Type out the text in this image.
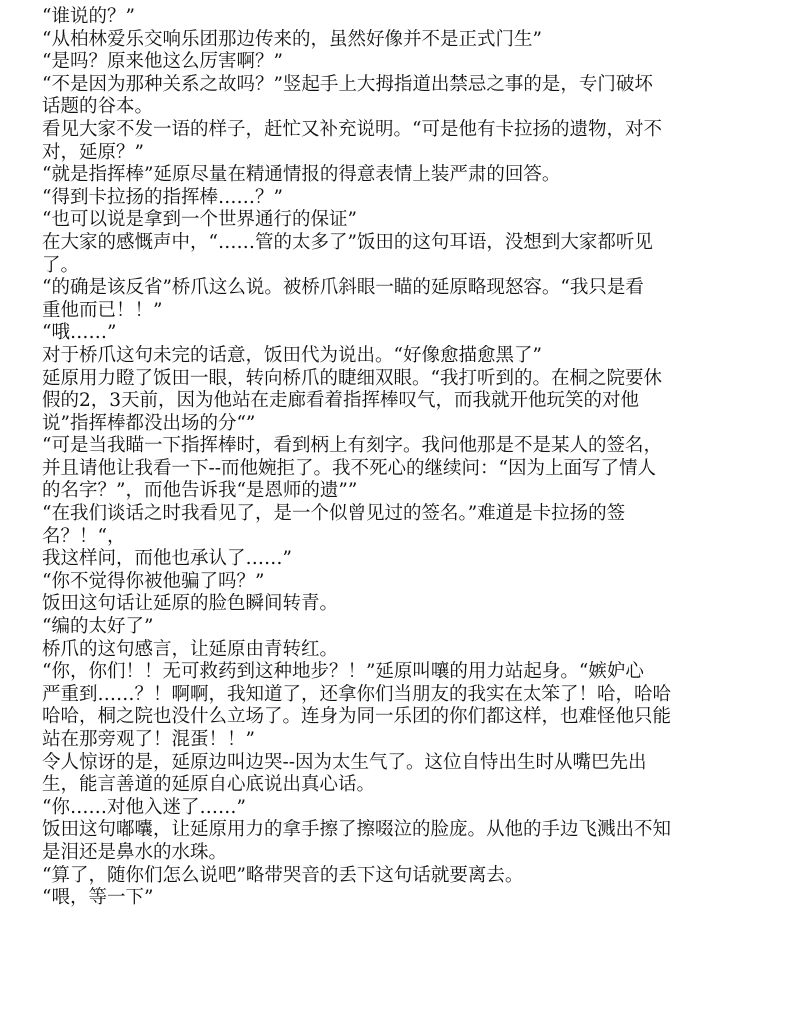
“谁说的？”
“从柏林爱乐交响乐团那边传来的，虽然好像并不是正式门生”
“是吗？原来他这么厉害啊？”
“不是因为那种关系之故吗？”竖起手上大拇指道出禁忌之事的是，专门破坏
话题的谷本。
看见大家不发一语的样子，赶忙又补充说明。“可是他有卡拉扬的遗物，对不
对，延原？”
“就是指挥棒”延原尽量在精通情报的得意表情上装严肃的回答。
“得到卡拉扬的指挥棒……？”
“也可以说是拿到一个世界通行的保证”
在大家的感慨声中，“……管的太多了”饭田的这句耳语，没想到大家都听见
了。
“的确是该反省”桥爪这么说。被桥爪斜眼一瞄的延原略现怒容。“我只是看
重他而已！！”
“哦……”
对于桥爪这句未完的话意，饭田代为说出。“好像愈描愈黑了”
延原用力瞪了饭田一眼，转向桥爪的睫细双眼。“我打听到的。在桐之院要休
假的2，3天前，因为他站在走廊看着指挥棒叹气，而我就开他玩笑的对他
说”指挥棒都没出场的分“”
“可是当我瞄一下指挥棒时，看到柄上有刻字。我问他那是不是某人的签名，
并且请他让我看一下--而他婉拒了。我不死心的继续问：“因为上面写了情人
的名字？”，而他告诉我“是恩师的遗””
“在我们谈话之时我看见了，是一个似曾见过的签名。”难道是卡拉扬的签
名？！“，
我这样问，而他也承认了……”
“你不觉得你被他骗了吗？”
饭田这句话让延原的脸色瞬间转青。
“编的太好了”
桥爪的这句感言，让延原由青转红。
“你，你们！！无可救药到这种地步？！”延原叫嚷的用力站起身。“嫉妒心
严重到……？！啊啊，我知道了，还拿你们当朋友的我实在太笨了！哈，哈哈
哈哈，桐之院也没什么立场了。连身为同一乐团的你们都这样，也难怪他只能
站在那旁观了！混蛋！！”
令人惊讶的是，延原边叫边哭--因为太生气了。这位自恃出生时从嘴巴先出
生，能言善道的延原自心底说出真心话。
“你……对他入迷了……”
饭田这句嘟囔，让延原用力的拿手擦了擦啜泣的脸庞。从他的手边飞溅出不知
是泪还是鼻水的水珠。
“算了，随你们怎么说吧”略带哭音的丢下这句话就要离去。
“喂，等一下”
